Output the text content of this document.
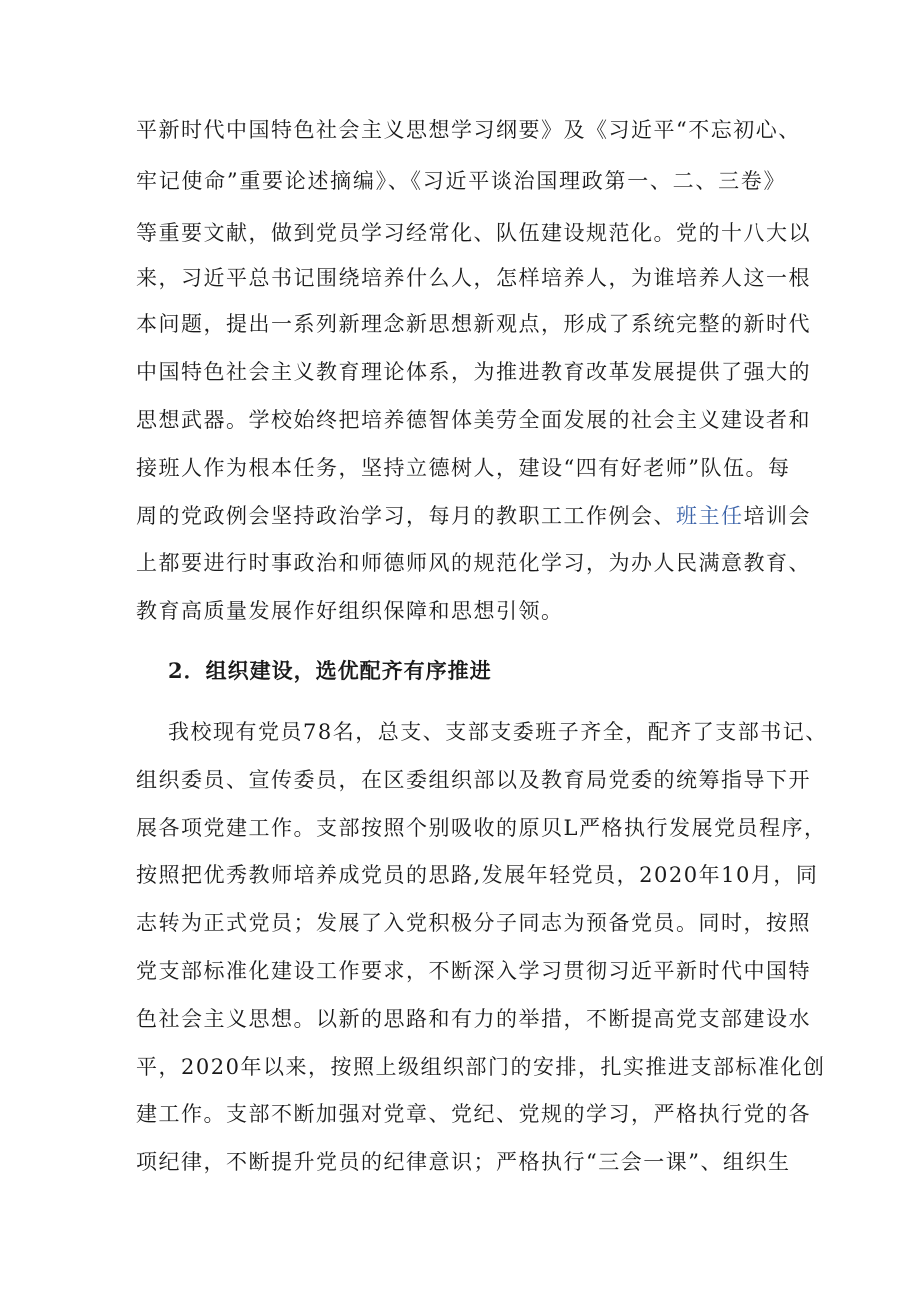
平新时代中国特色社会主义思想学习纲要》及《习近平“不忘初心、
牢记使命”重要论述摘编》、《习近平谈治国理政第一、二、三卷》
等重要文献，做到党员学习经常化、队伍建设规范化。党的十八大以
来，习近平总书记围绕培养什么人，怎样培养人，为谁培养人这一根
本问题，提出一系列新理念新思想新观点，形成了系统完整的新时代
中国特色社会主义教育理论体系，为推进教育改革发展提供了强大的
思想武器。学校始终把培养德智体美劳全面发展的社会主义建设者和
接班人作为根本任务，坚持立德树人，建设“四有好老师”队伍。每
周的党政例会坚持政治学习，每月的教职工工作例会、班主任培训会
上都要进行时事政治和师德师风的规范化学习，为办人民满意教育、
教育高质量发展作好组织保障和思想引领。
2．组织建设，选优配齐有序推进
我校现有党员78名，总支、支部支委班子齐全，配齐了支部书记、
组织委员、宣传委员，在区委组织部以及教育局党委的统筹指导下开
展各项党建工作。支部按照个别吸收的原贝L严格执行发展党员程序，
按照把优秀教师培养成党员的思路,发展年轻党员，2020年10月，同
志转为正式党员；发展了入党积极分子同志为预备党员。同时，按照
党支部标准化建设工作要求，不断深入学习贯彻习近平新时代中国特
色社会主义思想。以新的思路和有力的举措，不断提高党支部建设水
平，2020年以来，按照上级组织部门的安排，扎实推进支部标准化创
建工作。支部不断加强对党章、党纪、党规的学习，严格执行党的各
项纪律，不断提升党员的纪律意识；严格执行“三会一课”、组织生
